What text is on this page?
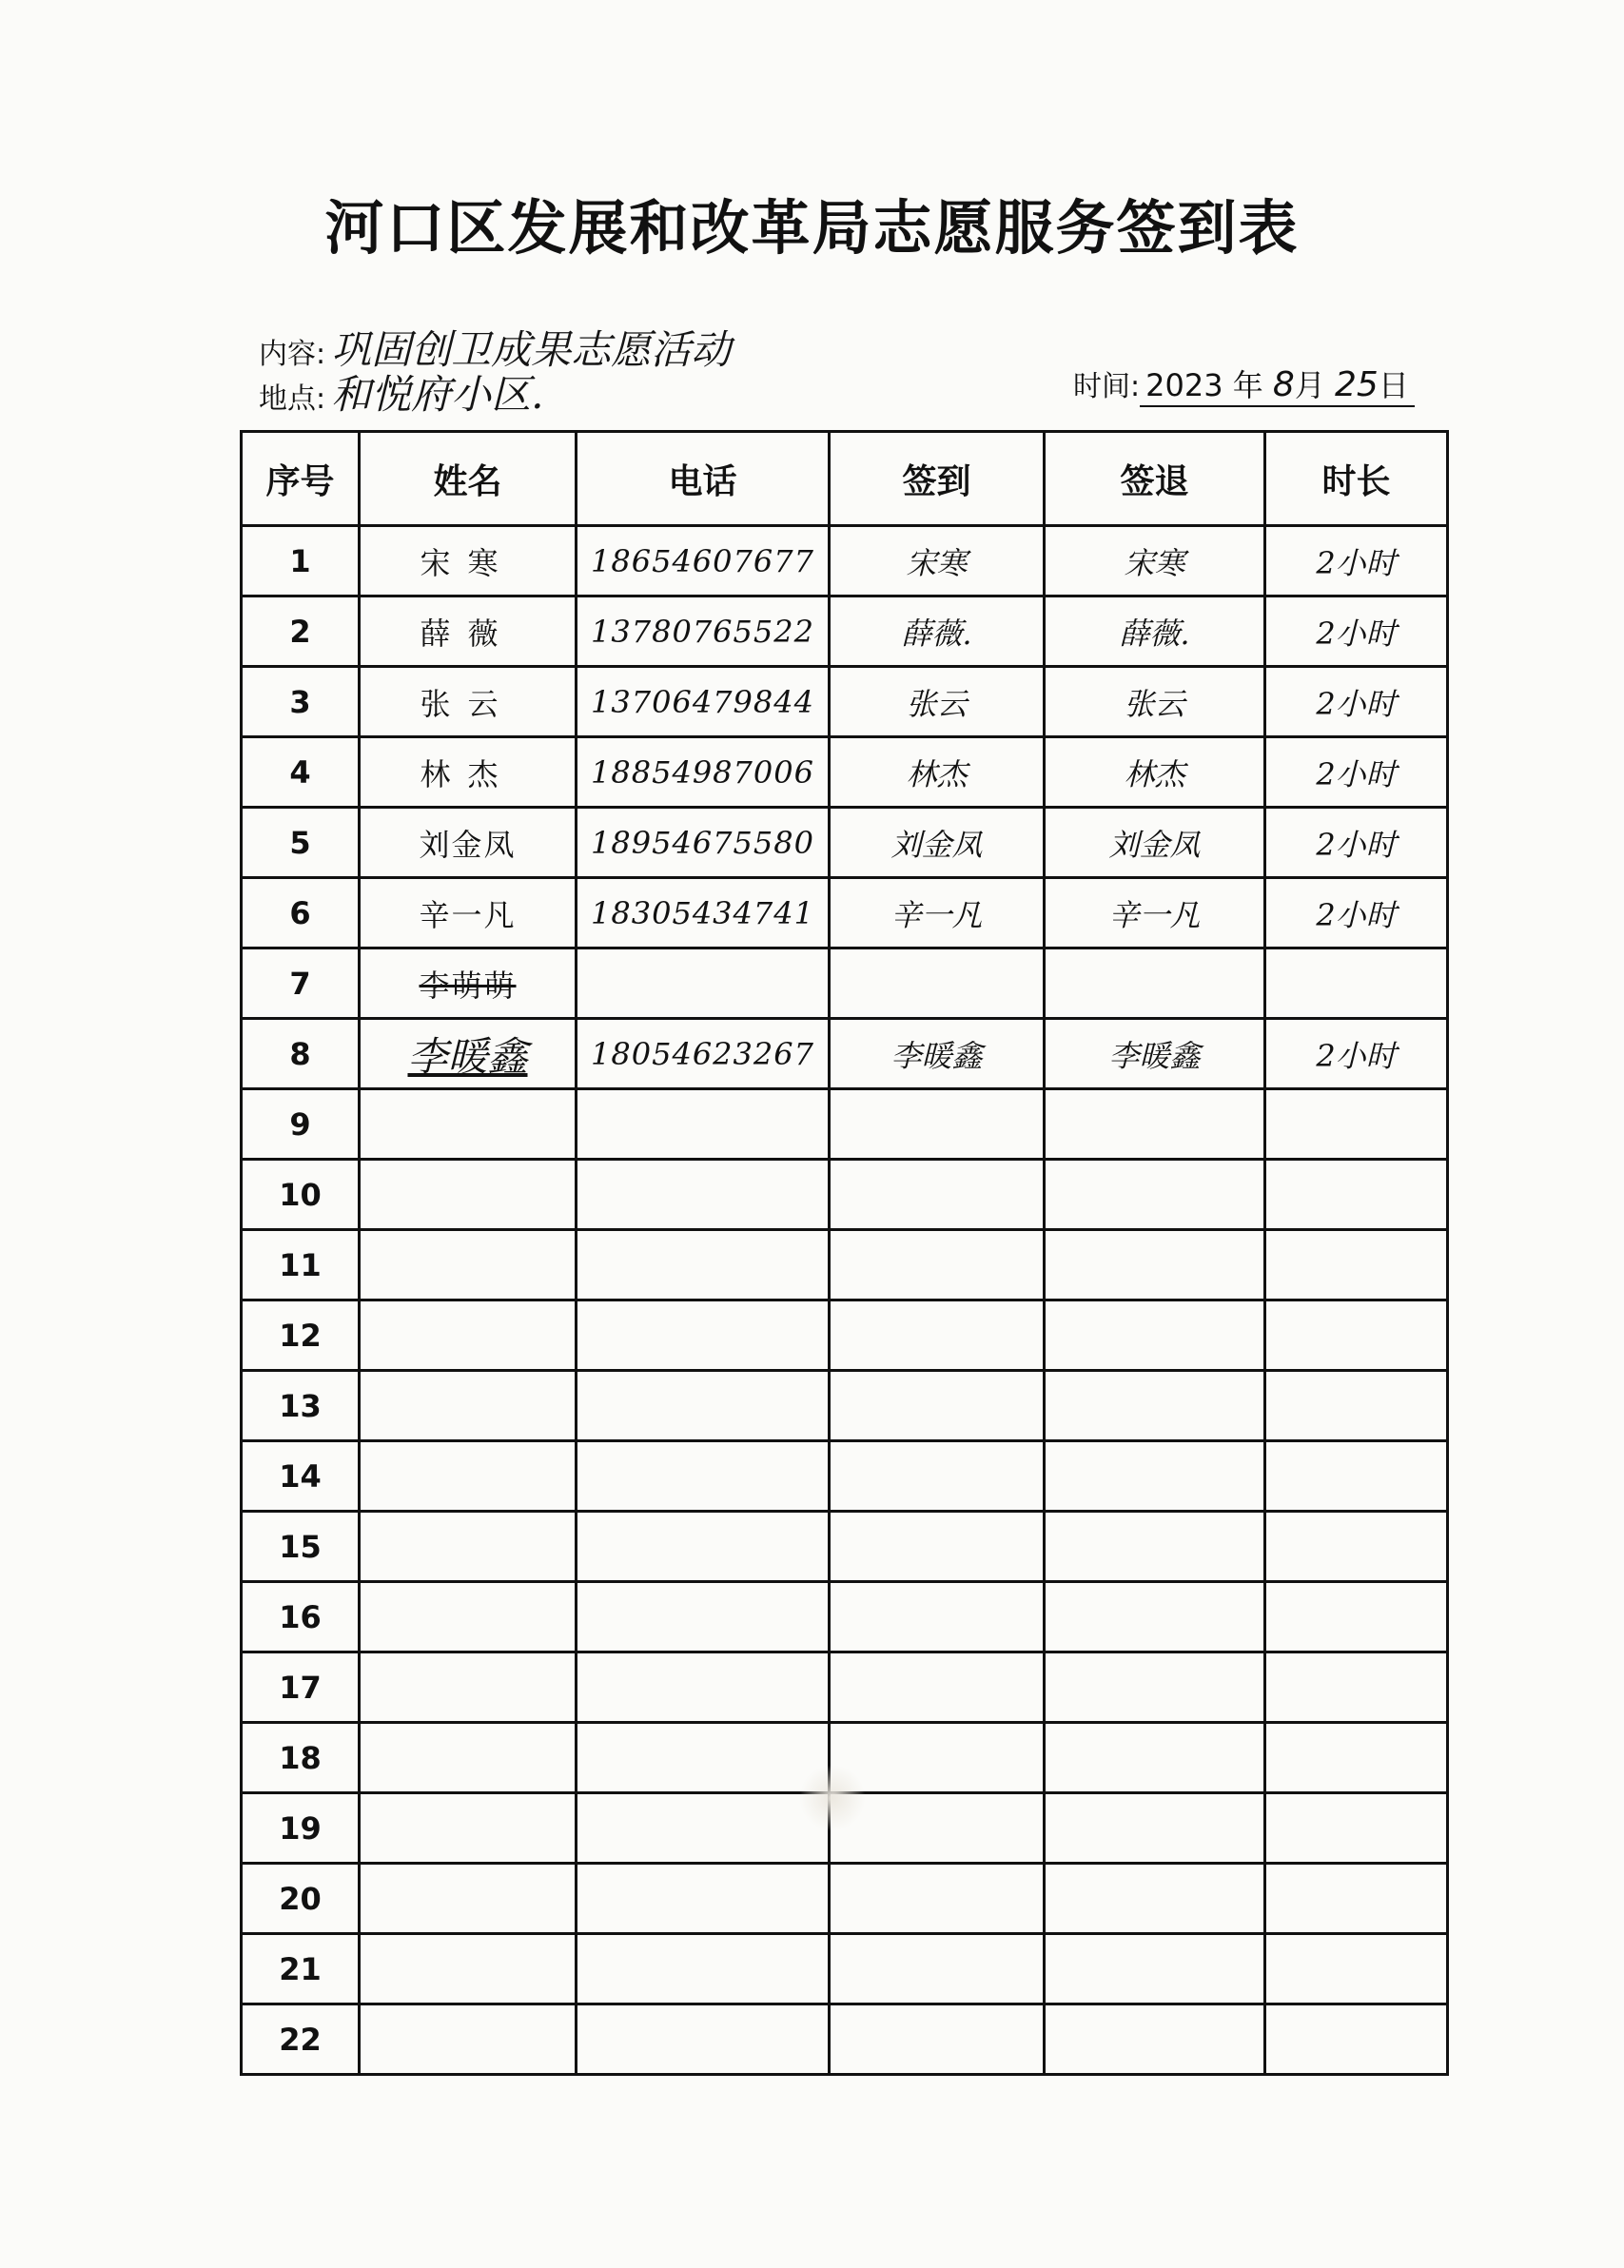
河口区发展和改革局志愿服务签到表
内容: 巩固创卫成果志愿活动
地点: 和悦府小区.	时间: 2023 年 8月 25日
序号	姓名	电话	签到	签退	时长
1	宋寒	18654607677	宋寒	宋寒	2小时
2	薛薇	13780765522	薛薇.	薛薇.	2小时
3	张云	13706479844	张云	张云	2小时
4	林杰	18854987006	林杰	林杰	2小时
5	刘金凤	18954675580	刘金凤	刘金凤	2小时
6	辛一凡	18305434741	辛一凡	辛一凡	2小时
7	李萌萌				
8	李暖鑫	18054623267	李暖鑫	李暖鑫	2小时
9					
10					
11					
12					
13					
14					
15					
16					
17					
18					
19					
20					
21					
22					
